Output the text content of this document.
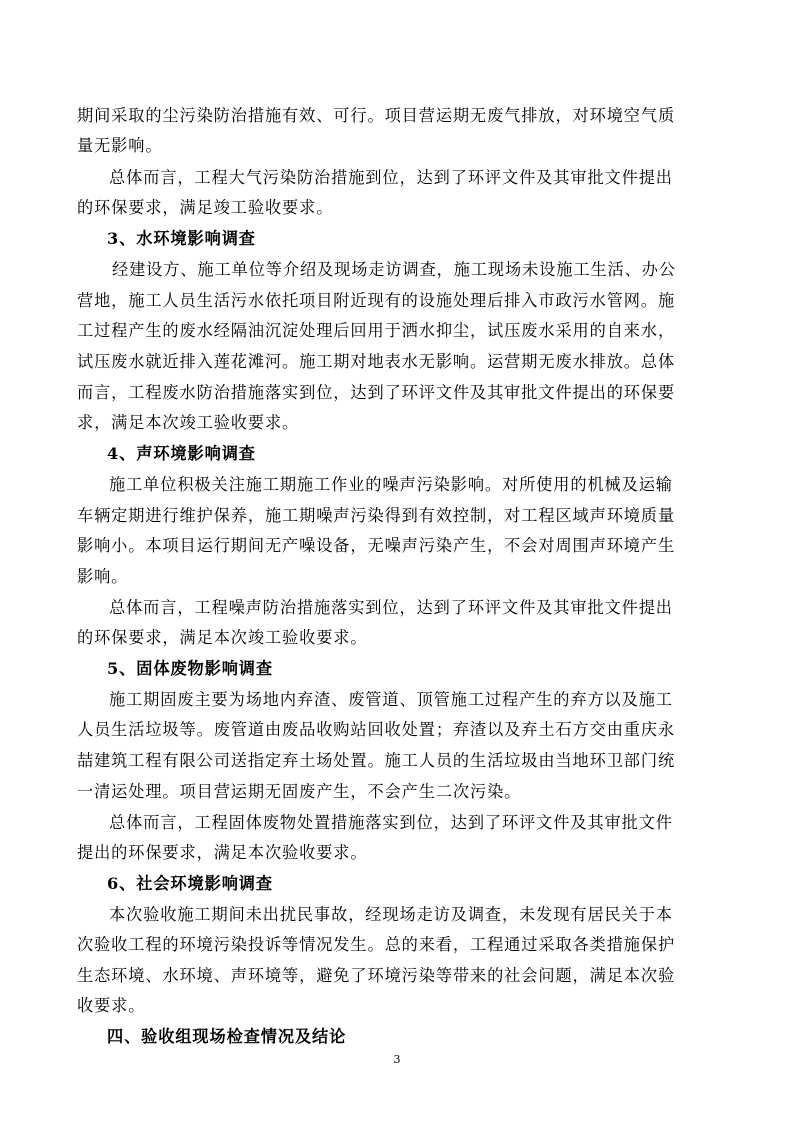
期间采取的尘污染防治措施有效、可行。项目营运期无废气排放，对环境空气质
量无影响。
总体而言，工程大气污染防治措施到位，达到了环评文件及其审批文件提出
的环保要求，满足竣工验收要求。
3、水环境影响调查
经建设方、施工单位等介绍及现场走访调查，施工现场未设施工生活、办公
营地，施工人员生活污水依托项目附近现有的设施处理后排入市政污水管网。施
工过程产生的废水经隔油沉淀处理后回用于洒水抑尘，试压废水采用的自来水，
试压废水就近排入莲花滩河。施工期对地表水无影响。运营期无废水排放。总体
而言，工程废水防治措施落实到位，达到了环评文件及其审批文件提出的环保要
求，满足本次竣工验收要求。
4、声环境影响调查
施工单位积极关注施工期施工作业的噪声污染影响。对所使用的机械及运输
车辆定期进行维护保养，施工期噪声污染得到有效控制，对工程区域声环境质量
影响小。本项目运行期间无产噪设备，无噪声污染产生，不会对周围声环境产生
影响。
总体而言，工程噪声防治措施落实到位，达到了环评文件及其审批文件提出
的环保要求，满足本次竣工验收要求。
5、固体废物影响调查
施工期固废主要为场地内弃渣、废管道、顶管施工过程产生的弃方以及施工
人员生活垃圾等。废管道由废品收购站回收处置；弃渣以及弃土石方交由重庆永
喆建筑工程有限公司送指定弃土场处置。施工人员的生活垃圾由当地环卫部门统
一清运处理。项目营运期无固废产生，不会产生二次污染。
总体而言，工程固体废物处置措施落实到位，达到了环评文件及其审批文件
提出的环保要求，满足本次验收要求。
6、社会环境影响调查
本次验收施工期间未出扰民事故，经现场走访及调查，未发现有居民关于本
次验收工程的环境污染投诉等情况发生。总的来看，工程通过采取各类措施保护
生态环境、水环境、声环境等，避免了环境污染等带来的社会问题，满足本次验
收要求。
四、验收组现场检查情况及结论
3
